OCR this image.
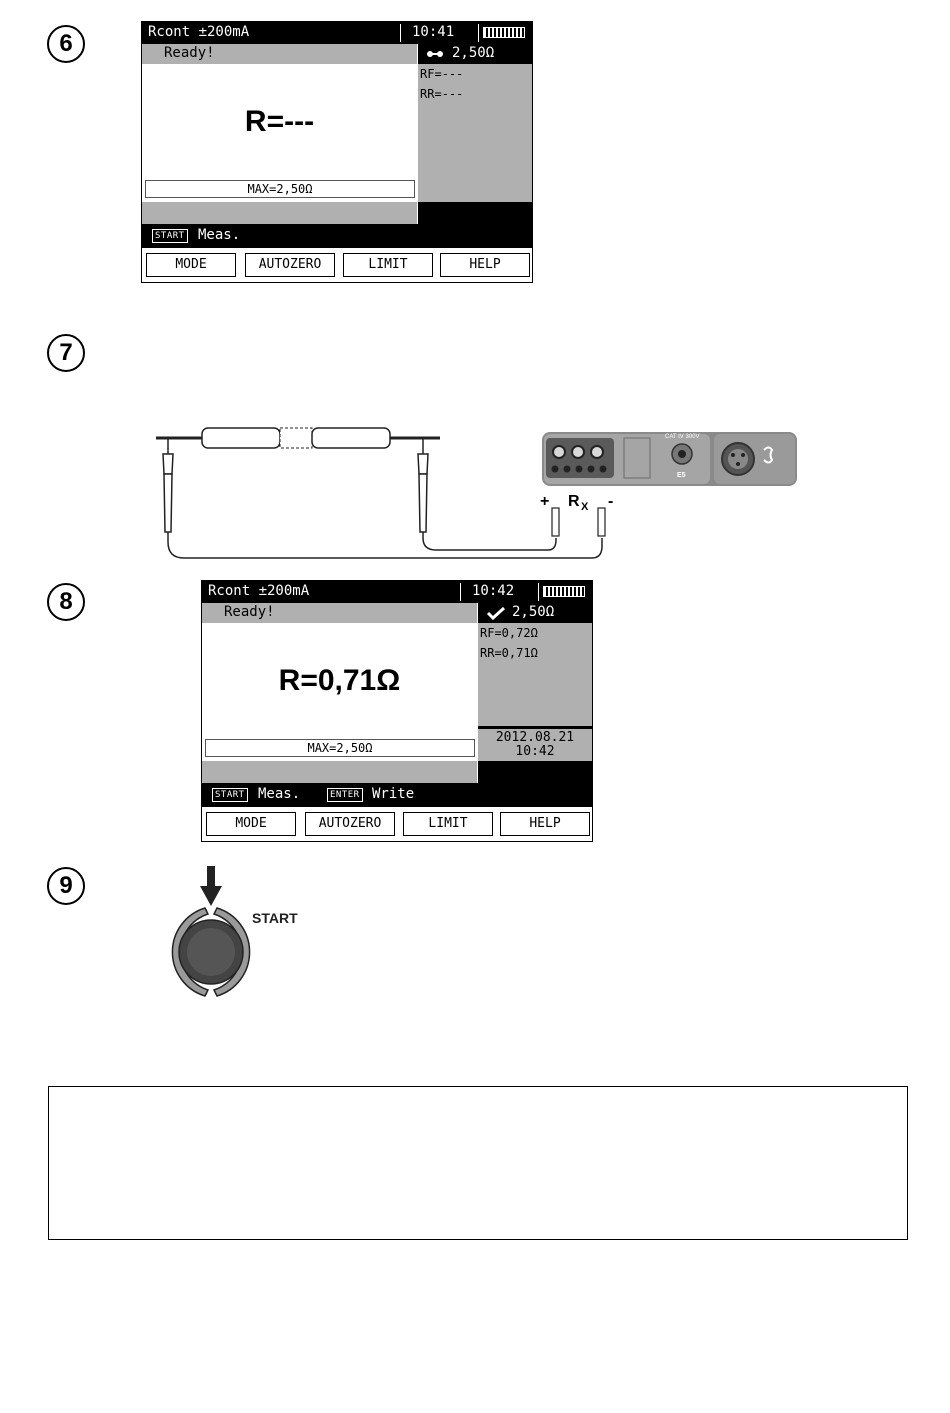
6
7
8
9
Rcont ±200mA	10:41
Ready!
R=---
MAX=2,50Ω
2,50Ω
RF=---
RR=---
START Meas.
MODE	AUTOZERO	LIMIT	HELP
+	-
R X
CAT IV 300V
E5
Rcont ±200mA	10:42
Ready!
R=0,71Ω
MAX=2,50Ω
2,50Ω
RF=0,72Ω
RR=0,71Ω
2012.08.21
10:42
START Meas.	ENTER Write
MODE	AUTOZERO	LIMIT	HELP
START
